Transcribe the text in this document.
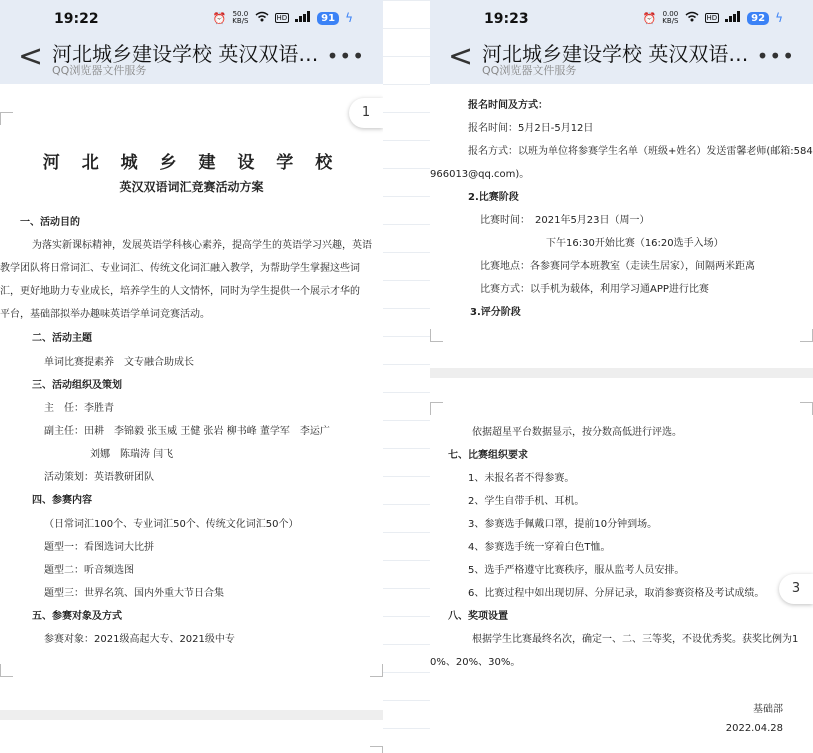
19:22	⏰ 50.0
KB/S	HD	91 ϟ
< 河北城乡建设学校 英汉双语…
QQ浏览器文件服务
•••
1
河 北 城 乡 建 设 学 校
英汉双语词汇竞赛活动方案
一、活动目的
为落实新课标精神，发展英语学科核心素养，提高学生的英语学习兴趣，英语
教学团队将日常词汇、专业词汇、传统文化词汇融入教学，为帮助学生掌握这些词
汇，更好地助力专业成长，培养学生的人文情怀，同时为学生提供一个展示才华的
平台，基础部拟举办趣味英语学单词竞赛活动。
二、活动主题
单词比赛提素养　文专融合助成长
三、活动组织及策划
主　任：李胜青
副主任：田耕　李锦毅 张玉威 王健 张岩 柳书峰 董学军　李运广
刘娜　陈瑞涛 闫飞
活动策划：英语教研团队
四、参赛内容
（日常词汇100个、专业词汇50个、传统文化词汇50个）
题型一：看图选词大比拼
题型二：听音频选图
题型三：世界名筑、国内外重大节日合集
五、参赛对象及方式
参赛对象：2021级高起大专、2021级中专
19:23	⏰ 0.00
KB/S	HD	92 ϟ
< 河北城乡建设学校 英汉双语…
QQ浏览器文件服务
•••
报名时间及方式：
报名时间：5月2日-5月12日
报名方式：以班为单位将参赛学生名单（班级+姓名）发送雷馨老师(邮箱:584
966013@qq.com)。
2.比赛阶段
比赛时间：　2021年5月23日（周一）
下午16:30开始比赛（16:20选手入场）
比赛地点：各参赛同学本班教室（走读生居家），间隔两米距离
比赛方式：以手机为载体，利用学习通APP进行比赛
3.评分阶段
依据超星平台数据显示，按分数高低进行评选。
七、比赛组织要求
1、未报名者不得参赛。
2、学生自带手机、耳机。
3、参赛选手佩戴口罩，提前10分钟到场。
4、参赛选手统一穿着白色T恤。
5、选手严格遵守比赛秩序，服从监考人员安排。
6、比赛过程中如出现切屏、分屏记录，取消参赛资格及考试成绩。
八、奖项设置
根据学生比赛最终名次，确定一、二、三等奖，不设优秀奖。获奖比例为1
0%、20%、30%。
基础部
2022.04.28
3
